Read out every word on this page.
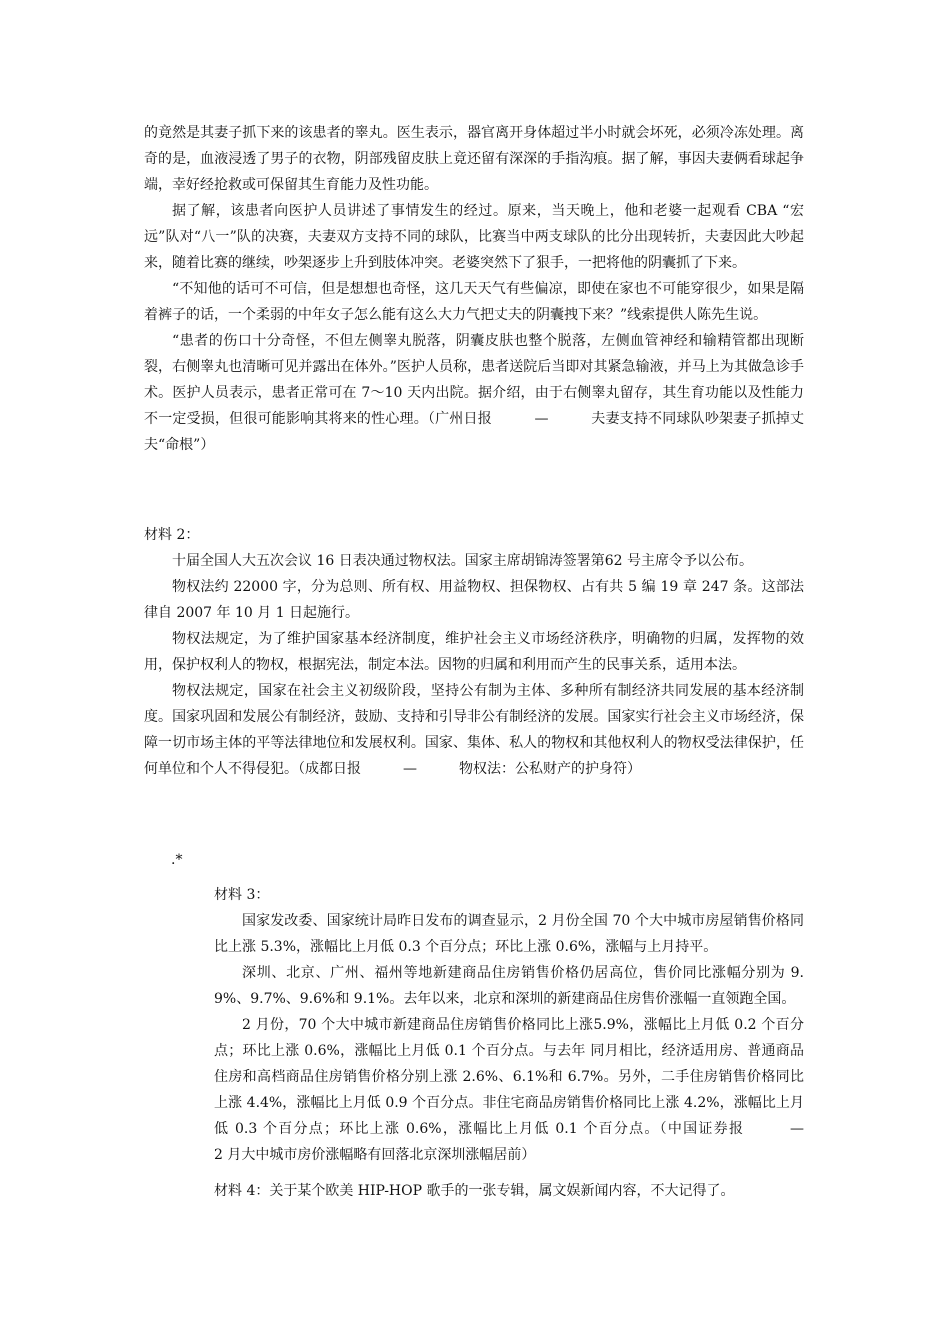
的竟然是其妻子抓下来的该患者的睾丸。医生表示，器官离开身体超过半小时就会坏死，必须冷冻处理。离奇的是，血液浸透了男子的衣物，阴部残留皮肤上竟还留有深深的手指沟痕。据了解，事因夫妻俩看球起争端，幸好经抢救或可保留其生育能力及性功能。

据了解，该患者向医护人员讲述了事情发生的经过。原来，当天晚上，他和老婆一起观看 CBA “宏远”队对“八一”队的决赛，夫妻双方支持不同的球队，比赛当中两支球队的比分出现转折，夫妻因此大吵起来，随着比赛的继续，吵架逐步上升到肢体冲突。老婆突然下了狠手，一把将他的阴囊抓了下来。

“不知他的话可不可信，但是想想也奇怪，这几天天气有些偏凉，即使在家也不可能穿很少，如果是隔着裤子的话，一个柔弱的中年女子怎么能有这么大力气把丈夫的阴囊拽下来？”线索提供人陈先生说。

“患者的伤口十分奇怪，不但左侧睾丸脱落，阴囊皮肤也整个脱落，左侧血管神经和输精管都出现断裂，右侧睾丸也清晰可见并露出在体外。”医护人员称，患者送院后当即对其紧急输液，并马上为其做急诊手术。医护人员表示，患者正常可在 7～10 天内出院。据介绍，由于右侧睾丸留存，其生育功能以及性能力不一定受损，但很可能影响其将来的性心理。（广州日报　　　—　　　夫妻支持不同球队吵架妻子抓掉丈夫“命根”）

材料 2：

十届全国人大五次会议 16 日表决通过物权法。国家主席胡锦涛签署第62 号主席令予以公布。

物权法约 22000 字，分为总则、所有权、用益物权、担保物权、占有共 5 编 19 章 247 条。这部法律自 2007 年 10 月 1 日起施行。

物权法规定，为了维护国家基本经济制度，维护社会主义市场经济秩序，明确物的归属，发挥物的效用，保护权利人的物权，根据宪法，制定本法。因物的归属和利用而产生的民事关系，适用本法。

物权法规定，国家在社会主义初级阶段，坚持公有制为主体、多种所有制经济共同发展的基本经济制度。国家巩固和发展公有制经济，鼓励、支持和引导非公有制经济的发展。国家实行社会主义市场经济，保障一切市场主体的平等法律地位和发展权利。国家、集体、私人的物权和其他权利人的物权受法律保护，任何单位和个人不得侵犯。（成都日报　　　—　　　物权法：公私财产的护身符）

.*

材料 3：

国家发改委、国家统计局昨日发布的调查显示，2 月份全国 70 个大中城市房屋销售价格同比上涨 5.3%，涨幅比上月低 0.3 个百分点；环比上涨 0.6%，涨幅与上月持平。

深圳、北京、广州、福州等地新建商品住房销售价格仍居高位，售价同比涨幅分别为 9.9%、9.7%、9.6%和 9.1%。去年以来，北京和深圳的新建商品住房售价涨幅一直领跑全国。

2 月份，70 个大中城市新建商品住房销售价格同比上涨5.9%，涨幅比上月低 0.2 个百分点；环比上涨 0.6%，涨幅比上月低 0.1 个百分点。与去年 同月相比，经济适用房、普通商品住房和高档商品住房销售价格分别上涨 2.6%、6.1%和 6.7%。另外，二手住房销售价格同比上涨 4.4%，涨幅比上月低 0.9 个百分点。非住宅商品房销售价格同比上涨 4.2%，涨幅比上月低 0.3 个百分点；环比上涨 0.6%，涨幅比上月低 0.1 个百分点。（中国证券报　　　—　　　2 月大中城市房价涨幅略有回落北京深圳涨幅居前）

材料 4：关于某个欧美 HIP-HOP 歌手的一张专辑，属文娱新闻内容，不大记得了。
